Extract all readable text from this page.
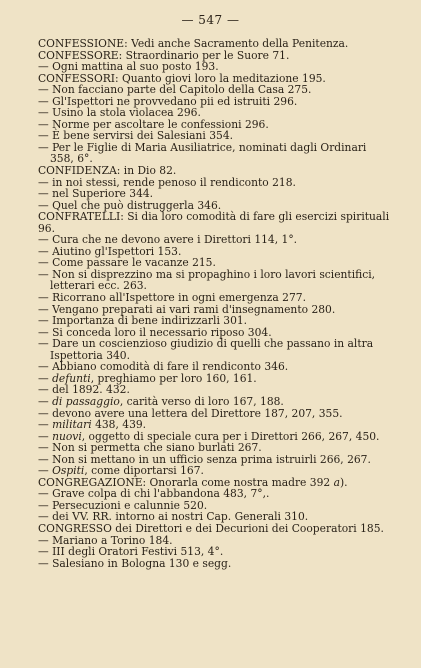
— 547 —
CONFESSIONE: Vedi anche Sacramento della Penitenza.
CONFESSORE: Straordinario per le Suore 71.
— Ogni mattina al suo posto 193.
CONFESSORI: Quanto giovi loro la meditazione 195.
— Non facciano parte del Capitolo della Casa 275.
— Gl'Ispettori ne provvedano pii ed istruiti 296.
— Usino la stola violacea 296.
— Norme per ascoltare le confessioni 296.
— È bene servirsi dei Salesiani 354.
— Per le Figlie di Maria Ausiliatrice, nominati dagli Ordinari 358, 6°.
CONFIDENZA: in Dio 82.
— in noi stessi, rende penoso il rendiconto 218.
— nel Superiore 344.
— Quel che può distruggerla 346.
CONFRATELLI: Si dia loro comodità di fare gli esercizi spirituali 96.
— Cura che ne devono avere i Direttori 114, 1°.
— Aiutino gl'Ispettori 153.
— Come passare le vacanze 215.
— Non si disprezzino ma si propaghino i loro lavori scientifici, letterari ecc. 263.
— Ricorrano all'Ispettore in ogni emergenza 277.
— Vengano preparati ai vari rami d'insegnamento 280.
— Importanza di bene indirizzarli 301.
— Si conceda loro il necessario riposo 304.
— Dare un coscienzioso giudizio di quelli che passano in altra Ispettoria 340.
— Abbiano comodità di fare il rendiconto 346.
— defunti, preghiamo per loro 160, 161.
— del 1892. 432.
— di passaggio, carità verso di loro 167, 188.
— devono avere una lettera del Direttore 187, 207, 355.
— militari 438, 439.
— nuovi, oggetto di speciale cura per i Direttori 266, 267, 450.
— Non si permetta che siano burlati 267.
— Non si mettano in un ufficio senza prima istruirli 266, 267.
— Ospiti, come diportarsi 167.
CONGREGAZIONE: Onorarla come nostra madre 392 a).
— Grave colpa di chi l'abbandona 483, 7°,.
— Persecuzioni e calunnie 520.
— dei VV. RR. intorno ai nostri Cap. Generali 310.
CONGRESSO dei Direttori e dei Decurioni dei Cooperatori 185.
— Mariano a Torino 184.
— III degli Oratori Festivi 513, 4°.
— Salesiano in Bologna 130 e segg.
